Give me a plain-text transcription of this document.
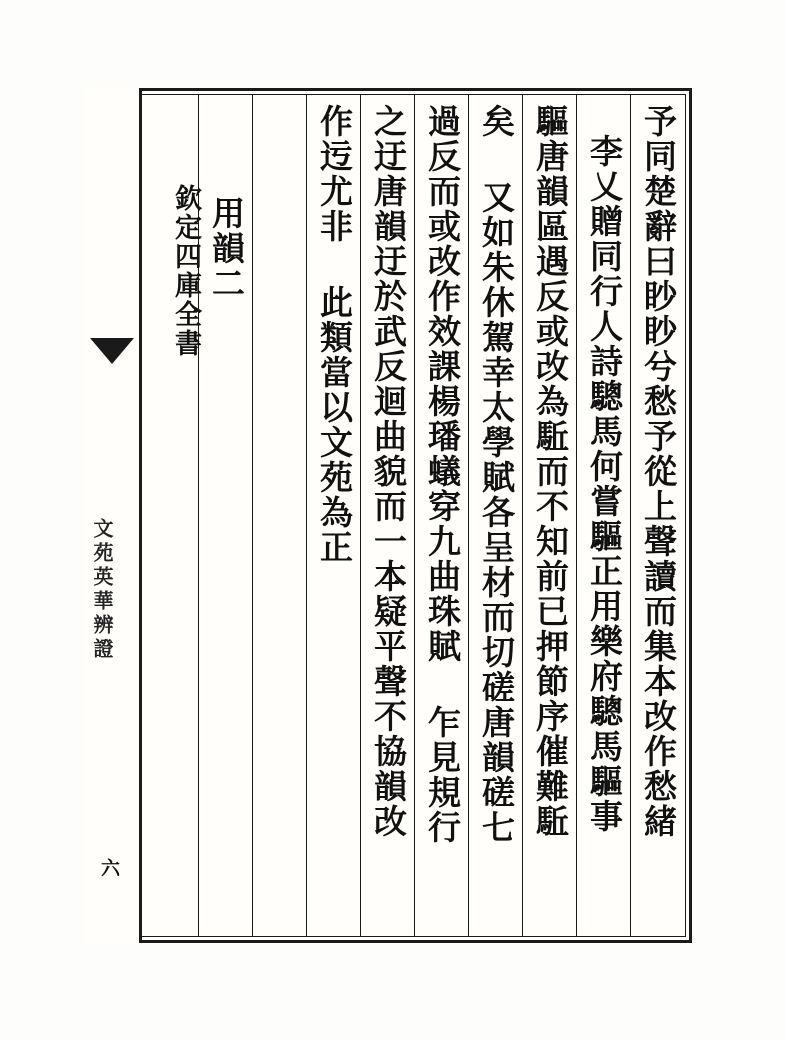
欽定四庫全書
文苑英華辨證
六
予同楚辭曰眇眇兮愁予從上聲讀而集本改作愁緒
李乂贈同行人詩驄馬何嘗驅正用樂府驄馬驅事
驅唐韻區遇反或改為駈而不知前已押節序催難駈
矣 又如朱休駕幸太學賦各呈材而切磋唐韻磋七
過反而或改作效課楊璠蟻穿九曲珠賦 乍見規行
之迂唐韻迂於武反迴曲貌而一本疑平聲不協韻改
作迃尤非 此類當以文苑為正
用韻二
